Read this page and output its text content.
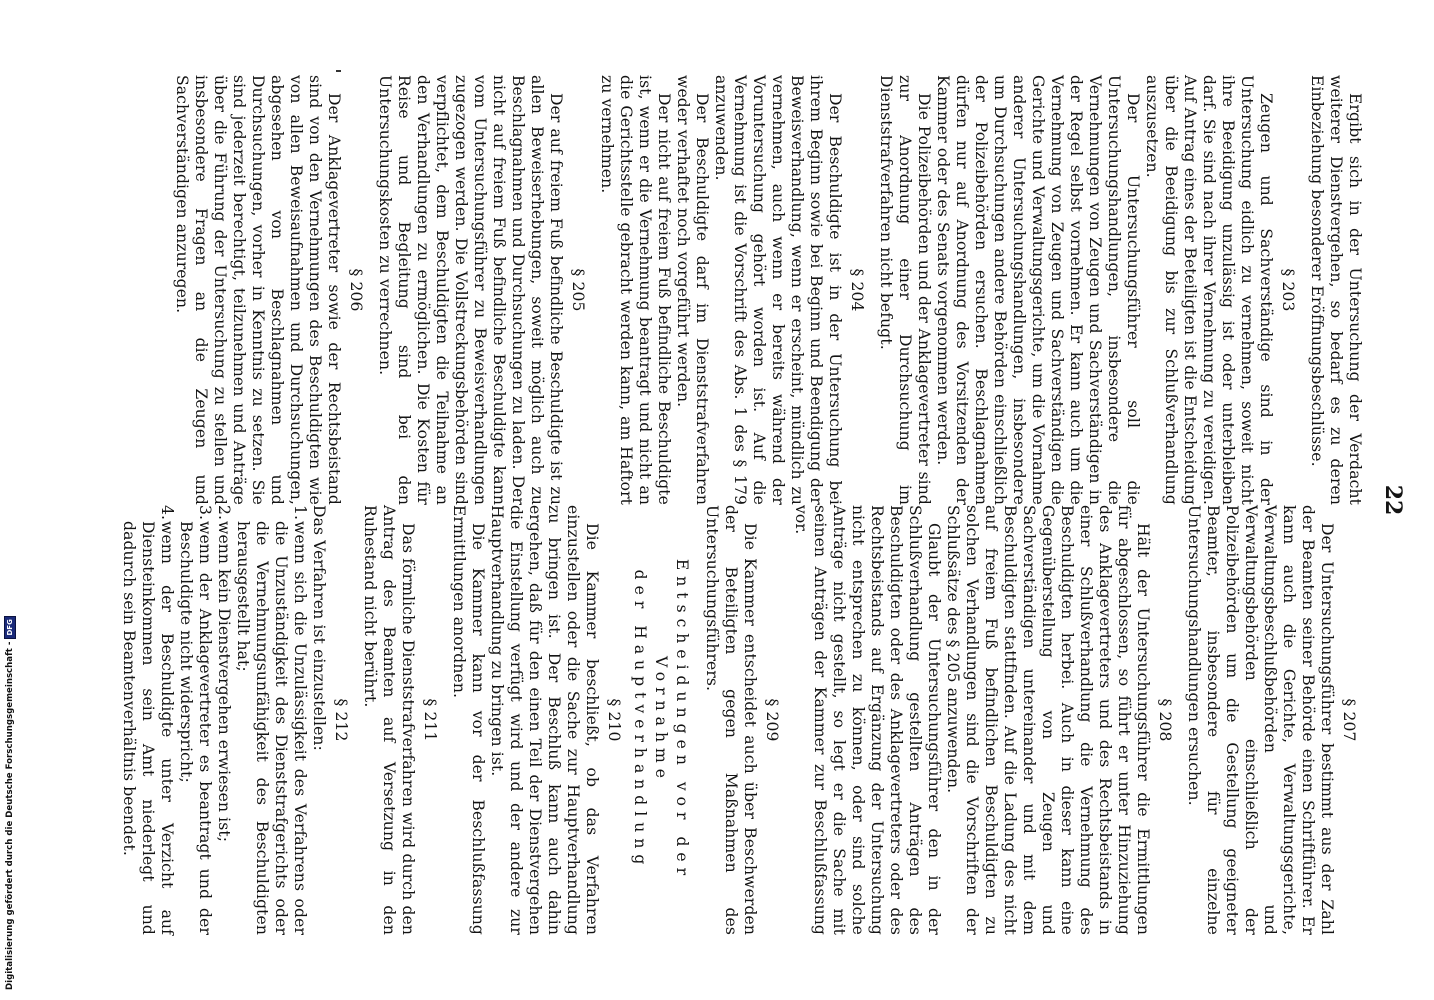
22

Ergibt sich in der Untersuchung der Verdacht weiterer Dienstvergehen, so bedarf es zu deren Einbeziehung besonderer Eröffnungsbeschlüsse.

§ 203

Zeugen und Sachverständige sind in der Untersuchung eidlich zu vernehmen, soweit nicht ihre Beeidigung unzulässig ist oder unterbleiben darf. Sie sind nach ihrer Vernehmung zu vereidigen. Auf Antrag eines der Beteiligten ist die Entscheidung über die Beeidigung bis zur Schlußverhandlung auszusetzen.

Der Untersuchungsführer soll die Untersuchungshandlungen, insbesondere die Vernehmungen von Zeugen und Sachverständigen in der Regel selbst vornehmen. Er kann auch um die Vernehmung von Zeugen und Sachverständigen die Gerichte und Verwaltungsgerichte, um die Vornahme anderer Untersuchungshandlungen, insbesondere um Durchsuchungen andere Behörden einschließlich der Polizeibehörden ersuchen. Beschlagnahmen dürfen nur auf Anordnung des Vorsitzenden der Kammer oder des Senats vorgenommen werden.

Die Polizeibehörden und der Anklagevertreter sind zur Anordnung einer Durchsuchung im Dienststrafverfahren nicht befugt.

§ 204

Der Beschuldigte ist in der Untersuchung bei ihrem Beginn sowie bei Beginn und Beendigung der Beweisverhandlung, wenn er erscheint, mündlich zu vernehmen, auch wenn er bereits während der Voruntersuchung gehört worden ist. Auf die Vernehmung ist die Vorschrift des Abs. 1 des § 179 anzuwenden.

Der Beschuldigte darf im Dienststrafverfahren weder verhaftet noch vorgeführt werden.

Der nicht auf freiem Fuß befindliche Beschuldigte ist, wenn er die Vernehmung beantragt und nicht an die Gerichtsstelle gebracht werden kann, am Haftort zu vernehmen.

§ 205

Der auf freiem Fuß befindliche Beschuldigte ist zu allen Beweiserhebungen, soweit möglich auch zu Beschlagnahmen und Durchsuchungen zu laden. Der nicht auf freiem Fuß befindliche Beschuldigte kann vom Untersuchungsführer zu Beweisverhandlungen zugezogen werden. Die Vollstreckungsbehörden sind verpflichtet, dem Beschuldigten die Teilnahme an den Verhandlungen zu ermöglichen. Die Kosten für Reise und Begleitung sind bei den Untersuchungskosten zu verrechnen.

§ 206

Der Anklagevertreter sowie der Rechtsbeistand sind von den Vernehmungen des Beschuldigten wie von allen Beweisaufnahmen und Durchsuchungen, abgesehen von Beschlagnahmen und Durchsuchungen, vorher in Kenntnis zu setzen. Sie sind jederzeit berechtigt, teilzunehmen und Anträge über die Führung der Untersuchung zu stellen und insbesondere Fragen an die Zeugen und Sachverständigen anzuregen.

§ 207

Der Untersuchungsführer bestimmt aus der Zahl der Beamten seiner Behörde einen Schriftführer. Er kann auch die Gerichte, Verwaltungsgerichte, Verwaltungsbeschlußbehörden und Verwaltungsbehörden einschließlich der Polizeibehörden um die Gestellung geeigneter Beamter, insbesondere für einzelne Untersuchungshandlungen ersuchen.

§ 208

Hält der Untersuchungsführer die Ermittlungen für abgeschlossen, so führt er unter Hinzuziehung des Anklagevertreters und des Rechtsbeistands in einer Schlußverhandlung die Vernehmung des Beschuldigten herbei. Auch in dieser kann eine Gegenüberstellung von Zeugen und Sachverständigen untereinander und mit dem Beschuldigten stattfinden. Auf die Ladung des nicht auf freiem Fuß befindlichen Beschuldigten zu solchen Verhandlungen sind die Vorschriften der Schlußsätze des § 205 anzuwenden.

Glaubt der Untersuchungsführer den in der Schlußverhandlung gestellten Anträgen des Beschuldigten oder des Anklagevertreters oder des Rechtsbeistands auf Ergänzung der Untersuchung nicht entsprechen zu können, oder sind solche Anträge nicht gestellt, so legt er die Sache mit seinen Anträgen der Kammer zur Beschlußfassung vor.

§ 209

Die Kammer entscheidet auch über Beschwerden der Beteiligten gegen Maßnahmen des Untersuchungsführers.

Entscheidungen vor der Vornahme
der Hauptverhandlung
§ 210

Die Kammer beschließt, ob das Verfahren einzustellen oder die Sache zur Hauptverhandlung zu bringen ist. Der Beschluß kann auch dahin ergehen, daß für den einen Teil der Dienstvergehen die Einstellung verfügt wird und der andere zur Hauptverhandlung zu bringen ist.

Die Kammer kann vor der Beschlußfassung Ermittlungen anordnen.

§ 211

Das förmliche Dienststrafverfahren wird durch den Antrag des Beamten auf Versetzung in den Ruhestand nicht berührt.

§ 212

Das Verfahren ist einzustellen:

1.
wenn sich die Unzulässigkeit des Verfahrens oder die Unzuständigkeit des Dienststrafgerichts oder die Vernehmungsunfähigkeit des Beschuldigten herausgestellt hat;
2.
wenn kein Dienstvergehen erwiesen ist;
3.
wenn der Anklagevertreter es beantragt und der Beschuldigte nicht widerspricht;
4.
wenn der Beschuldigte unter Verzicht auf Diensteinkommen sein Amt niederlegt und dadurch sein Beamtenverhältnis beendet.
Digitalisierung gefördert durch die Deutsche Forschungsgemeinschaft -
DFG
